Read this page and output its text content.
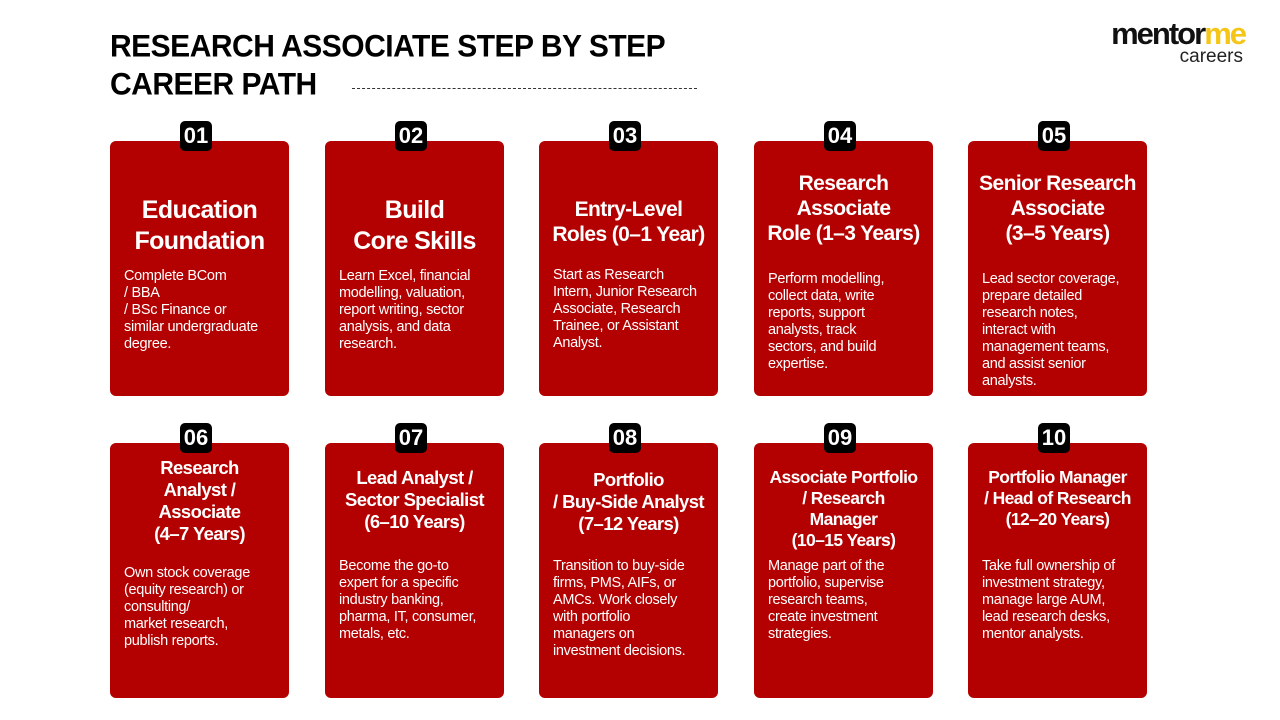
RESEARCH ASSOCIATE STEP BY STEP
CAREER PATH
mentorme
careers
Education
Foundation
Complete BCom
/ BBA
/ BSc Finance or
similar undergraduate
degree.
01
Build
Core Skills
Learn Excel, financial
modelling, valuation,
report writing, sector
analysis, and data
research.
02
Entry-Level
Roles (0–1 Year)
Start as Research
Intern, Junior Research
Associate, Research
Trainee, or Assistant
Analyst.
03
Research
Associate
Role (1–3 Years)
Perform modelling,
collect data, write
reports, support
analysts, track
sectors, and build
expertise.
04
Senior Research
Associate
(3–5 Years)
Lead sector coverage,
prepare detailed
research notes,
interact with
management teams,
and assist senior
analysts.
05
Research
Analyst /
Associate
(4–7 Years)
Own stock coverage
(equity research) or
consulting/
market research,
publish reports.
06
Lead Analyst /
Sector Specialist
(6–10 Years)
Become the go-to
expert for a specific
industry banking,
pharma, IT, consumer,
metals, etc.
07
Portfolio
/ Buy-Side Analyst
(7–12 Years)
Transition to buy-side
firms, PMS, AIFs, or
AMCs. Work closely
with portfolio
managers on
investment decisions.
08
Associate Portfolio
/ Research
Manager
(10–15 Years)
Manage part of the
portfolio, supervise
research teams,
create investment
strategies.
09
Portfolio Manager
/ Head of Research
(12–20 Years)
Take full ownership of
investment strategy,
manage large AUM,
lead research desks,
mentor analysts.
10
